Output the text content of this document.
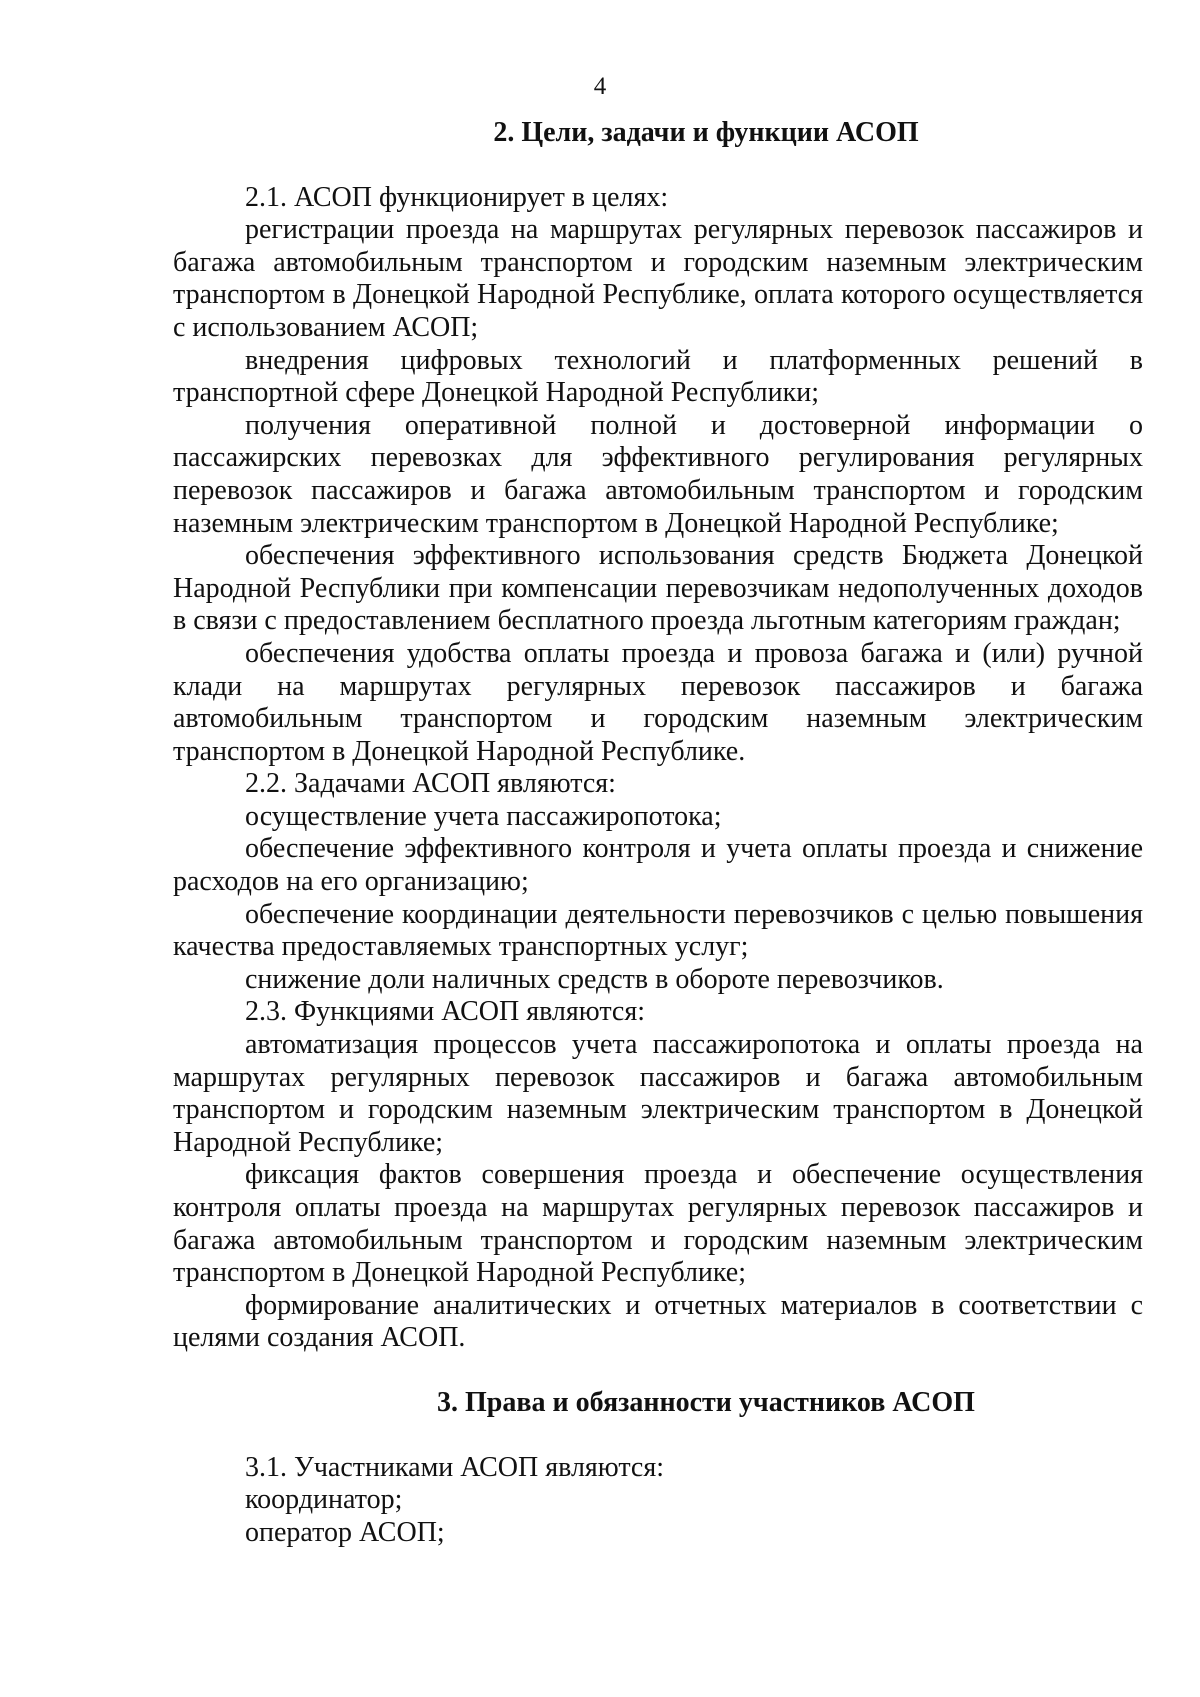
4

2. Цели, задачи и функции АСОП

2.1. АСОП функционирует в целях:

регистрации проезда на маршрутах регулярных перевозок пассажиров и багажа автомобильным транспортом и городским наземным электрическим транспортом в Донецкой Народной Республике, оплата которого осуществляется с использованием АСОП;

внедрения цифровых технологий и платформенных решений в транспортной сфере Донецкой Народной Республики;

получения оперативной полной и достоверной информации о пассажирских перевозках для эффективного регулирования регулярных перевозок пассажиров и багажа автомобильным транспортом и городским наземным электрическим транспортом в Донецкой Народной Республике;

обеспечения эффективного использования средств Бюджета Донецкой Народной Республики при компенсации перевозчикам недополученных доходов в связи с предоставлением бесплатного проезда льготным категориям граждан;

обеспечения удобства оплаты проезда и провоза багажа и (или) ручной клади на маршрутах регулярных перевозок пассажиров и багажа автомобильным транспортом и городским наземным электрическим транспортом в Донецкой Народной Республике.

2.2. Задачами АСОП являются:

осуществление учета пассажиропотока;

обеспечение эффективного контроля и учета оплаты проезда и снижение расходов на его организацию;

обеспечение координации деятельности перевозчиков с целью повышения качества предоставляемых транспортных услуг;

снижение доли наличных средств в обороте перевозчиков.

2.3. Функциями АСОП являются:

автоматизация процессов учета пассажиропотока и оплаты проезда на маршрутах регулярных перевозок пассажиров и багажа автомобильным транспортом и городским наземным электрическим транспортом в Донецкой Народной Республике;

фиксация фактов совершения проезда и обеспечение осуществления контроля оплаты проезда на маршрутах регулярных перевозок пассажиров и багажа автомобильным транспортом и городским наземным электрическим транспортом в Донецкой Народной Республике;

формирование аналитических и отчетных материалов в соответствии с целями создания АСОП.

3. Права и обязанности участников АСОП

3.1. Участниками АСОП являются:

координатор;

оператор АСОП;
